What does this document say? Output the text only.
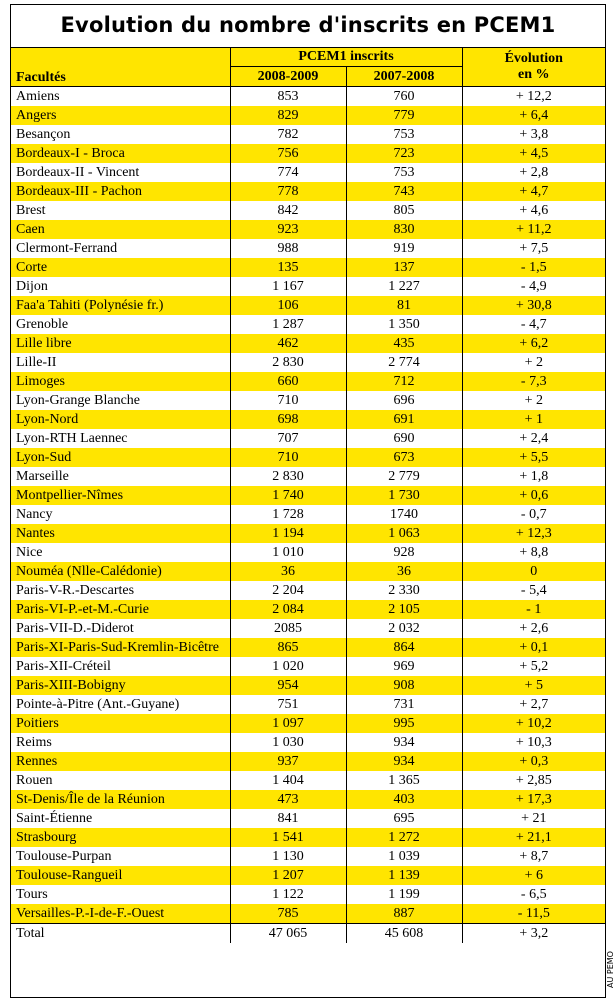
Evolution du nombre d'inscrits en PCEM1
Facultés	PCEM1 inscrits		Évolution
en %

	2008-2009	2007-2008	
Amiens	853	760	+ 12,2
Angers	829	779	+ 6,4
Besançon	782	753	+ 3,8
Bordeaux-I - Broca	756	723	+ 4,5
Bordeaux-II - Vincent	774	753	+ 2,8
Bordeaux-III - Pachon	778	743	+ 4,7
Brest	842	805	+ 4,6
Caen	923	830	+ 11,2
Clermont-Ferrand	988	919	+ 7,5
Corte	135	137	- 1,5
Dijon	1 167	1 227	- 4,9
Faa'a Tahiti (Polynésie fr.)	106	81	+ 30,8
Grenoble	1 287	1 350	- 4,7
Lille libre	462	435	+ 6,2
Lille-II	2 830	2 774	+ 2
Limoges	660	712	- 7,3
Lyon-Grange Blanche	710	696	+ 2
Lyon-Nord	698	691	+ 1
Lyon-RTH Laennec	707	690	+ 2,4
Lyon-Sud	710	673	+ 5,5
Marseille	2 830	2 779	+ 1,8
Montpellier-Nîmes	1 740	1 730	+ 0,6
Nancy	1 728	1740	- 0,7
Nantes	1 194	1 063	+ 12,3
Nice	1 010	928	+ 8,8
Nouméa (Nlle-Calédonie)	36	36	0
Paris-V-R.-Descartes	2 204	2 330	- 5,4
Paris-VI-P.-et-M.-Curie	2 084	2 105	- 1
Paris-VII-D.-Diderot	2085	2 032	+ 2,6
Paris-XI-Paris-Sud-Kremlin-Bicêtre	865	864	+ 0,1
Paris-XII-Créteil	1 020	969	+ 5,2
Paris-XIII-Bobigny	954	908	+ 5
Pointe-à-Pitre (Ant.-Guyane)	751	731	+ 2,7
Poitiers	1 097	995	+ 10,2
Reims	1 030	934	+ 10,3
Rennes	937	934	+ 0,3
Rouen	1 404	1 365	+ 2,85
St-Denis/Île de la Réunion	473	403	+ 17,3
Saint-Étienne	841	695	+ 21
Strasbourg	1 541	1 272	+ 21,1
Toulouse-Purpan	1 130	1 039	+ 8,7
Toulouse-Rangueil	1 207	1 139	+ 6
Tours	1 122	1 199	- 6,5
Versailles-P.-I-de-F.-Ouest	785	887	- 11,5
Total	47 065	45 608	+ 3,2
AU PEMO
